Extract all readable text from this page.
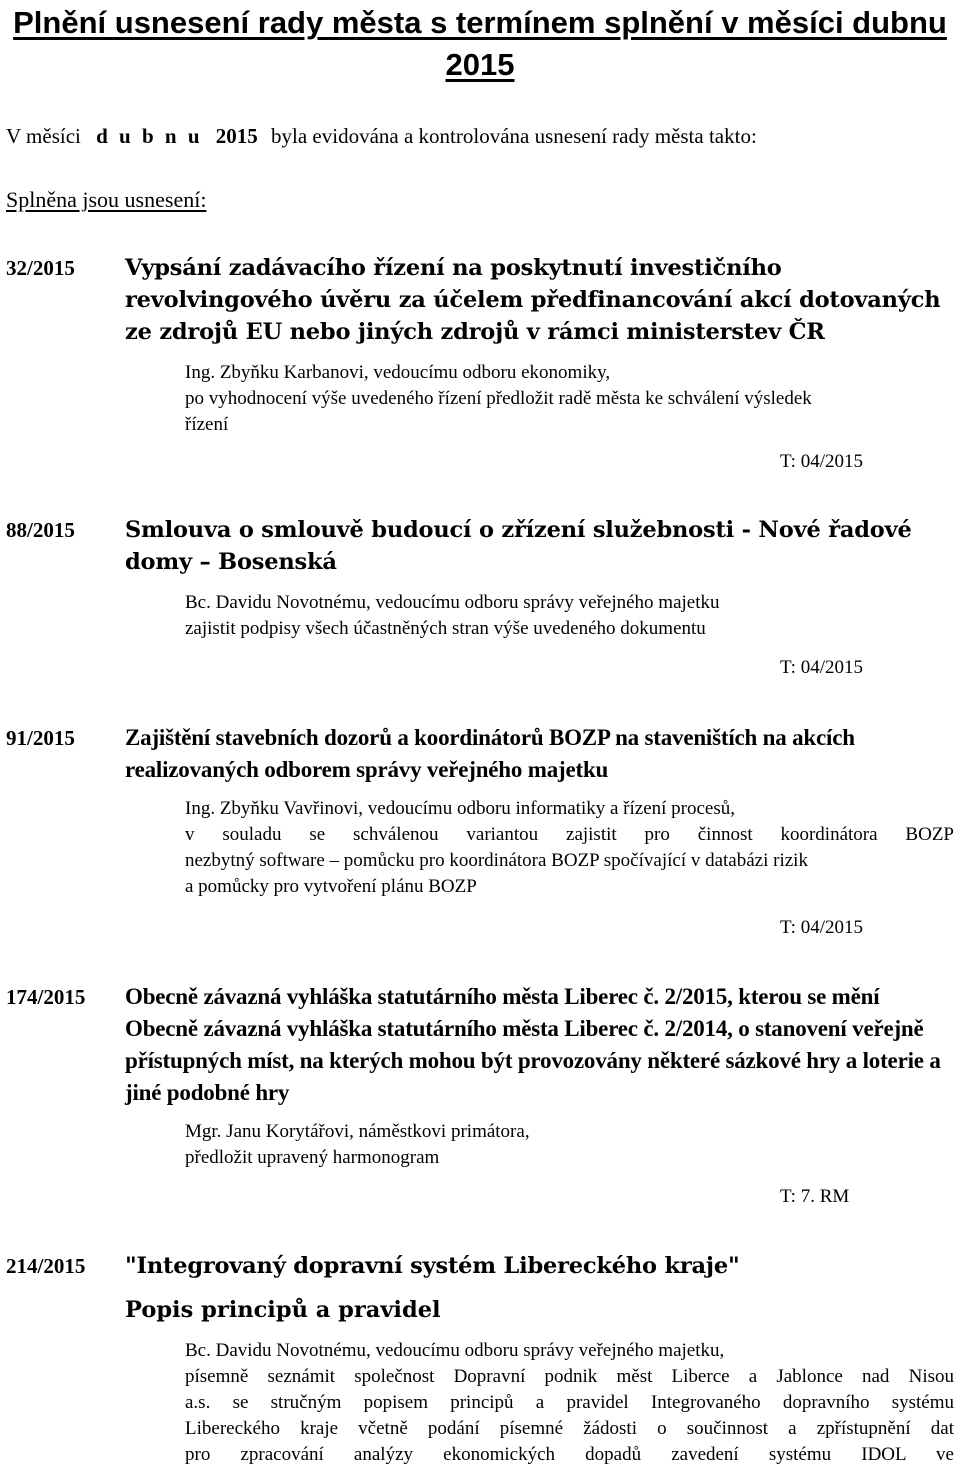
Plnění usnesení rady města s termínem splnění v měsíci dubnu 2015
V měsíci d u b n u 2015 byla evidována a kontrolována usnesení rady města takto:
Splněna jsou usnesení:
32/2015 Vypsání zadávacího řízení na poskytnutí investičního revolvingového úvěru za účelem předfinancování akcí dotovaných ze zdrojů EU nebo jiných zdrojů v rámci ministerstev ČR
Ing. Zbyňku Karbanovi, vedoucímu odboru ekonomiky,
po vyhodnocení výše uvedeného řízení předložit radě města ke schválení výsledek
řízení
T: 04/2015
88/2015 Smlouva o smlouvě budoucí o zřízení služebnosti - Nové řadové domy – Bosenská
Bc. Davidu Novotnému, vedoucímu odboru správy veřejného majetku
zajistit podpisy všech účastněných stran výše uvedeného dokumentu
T: 04/2015
91/2015 Zajištění stavebních dozorů a koordinátorů BOZP na staveništích na akcích realizovaných odborem správy veřejného majetku
Ing. Zbyňku Vavřinovi, vedoucímu odboru informatiky a řízení procesů,
v souladu se schválenou variantou zajistit pro činnost koordinátora BOZP
nezbytný software – pomůcku pro koordinátora BOZP spočívající v databázi rizik
a pomůcky pro vytvoření plánu BOZP
T: 04/2015
174/2015 Obecně závazná vyhláška statutárního města Liberec č. 2/2015, kterou se mění Obecně závazná vyhláška statutárního města Liberec č. 2/2014, o stanovení veřejně přístupných míst, na kterých mohou být provozovány některé sázkové hry a loterie a jiné podobné hry
Mgr. Janu Korytářovi, náměstkovi primátora,
předložit upravený harmonogram
T: 7. RM
214/2015 "Integrovaný dopravní systém Libereckého kraje"
Popis principů a pravidel
Bc. Davidu Novotnému, vedoucímu odboru správy veřejného majetku,
písemně seznámit společnost Dopravní podnik měst Liberce a Jablonce nad Nisou
a.s. se stručným popisem principů a pravidel Integrovaného dopravního systému
Libereckého kraje včetně podání písemné žádosti o součinnost a zpřístupnění dat
pro zpracování analýzy ekonomických dopadů zavedení systému IDOL ve
